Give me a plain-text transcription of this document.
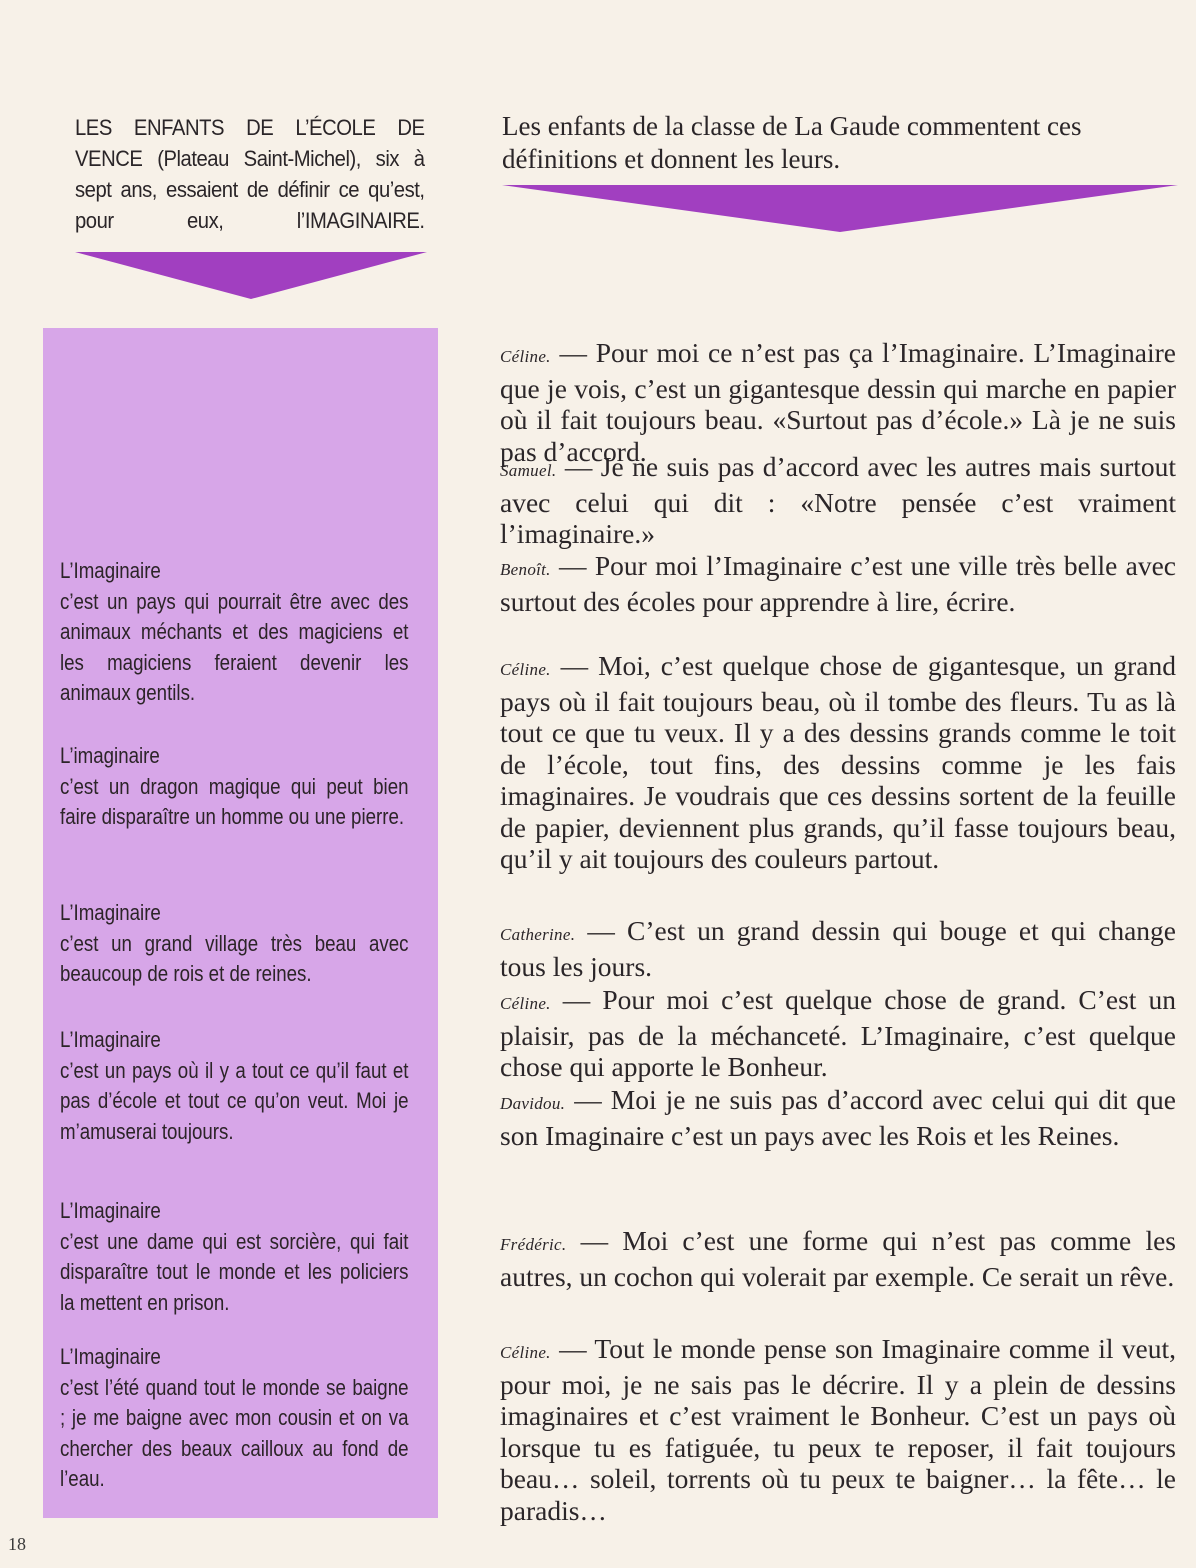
LES ENFANTS DE L’ÉCOLE DE VENCE (Plateau Saint-Michel), six à sept ans, essaient de définir ce qu’est, pour eux, l’IMAGINAIRE.
Les enfants de la classe de La Gaude commentent ces définitions et donnent les leurs.
L’Imaginaire
c’est un pays qui pourrait être avec des animaux méchants et des magiciens et les magiciens feraient devenir les animaux gentils.
L’imaginaire
c’est un dragon magique qui peut bien faire disparaître un homme ou une pierre.
L’Imaginaire
c’est un grand village très beau avec beaucoup de rois et de reines.
L’Imaginaire
c’est un pays où il y a tout ce qu’il faut et pas d’école et tout ce qu’on veut. Moi je m’amuserai toujours.
L’Imaginaire
c’est une dame qui est sorcière, qui fait disparaître tout le monde et les policiers la mettent en prison.
L’Imaginaire
c’est l’été quand tout le monde se baigne ; je me baigne avec mon cousin et on va chercher des beaux cailloux au fond de l’eau.
Céline. — Pour moi ce n’est pas ça l’Imaginaire. L’Imaginaire que je vois, c’est un gigantesque dessin qui marche en papier où il fait toujours beau. «Surtout pas d’école.» Là je ne suis pas d’accord.
Samuel. — Je ne suis pas d’accord avec les autres mais surtout avec celui qui dit : «Notre pensée c’est vraiment l’imaginaire.»
Benoît. — Pour moi l’Imaginaire c’est une ville très belle avec surtout des écoles pour apprendre à lire, écrire.
Céline. — Moi, c’est quelque chose de gigantesque, un grand pays où il fait toujours beau, où il tombe des fleurs. Tu as là tout ce que tu veux. Il y a des dessins grands comme le toit de l’école, tout fins, des dessins comme je les fais imaginaires. Je voudrais que ces dessins sortent de la feuille de papier, deviennent plus grands, qu’il fasse toujours beau, qu’il y ait toujours des couleurs partout.
Catherine. — C’est un grand dessin qui bouge et qui change tous les jours.
Céline. — Pour moi c’est quelque chose de grand. C’est un plaisir, pas de la méchanceté. L’Imaginaire, c’est quelque chose qui apporte le Bonheur.
Davidou. — Moi je ne suis pas d’accord avec celui qui dit que son Imaginaire c’est un pays avec les Rois et les Reines.
Frédéric. — Moi c’est une forme qui n’est pas comme les autres, un cochon qui volerait par exemple. Ce serait un rêve.
Céline. — Tout le monde pense son Imaginaire comme il veut, pour moi, je ne sais pas le décrire. Il y a plein de dessins imaginaires et c’est vraiment le Bonheur. C’est un pays où lorsque tu es fatiguée, tu peux te reposer, il fait toujours beau… soleil, torrents où tu peux te baigner… la fête… le paradis…
18
